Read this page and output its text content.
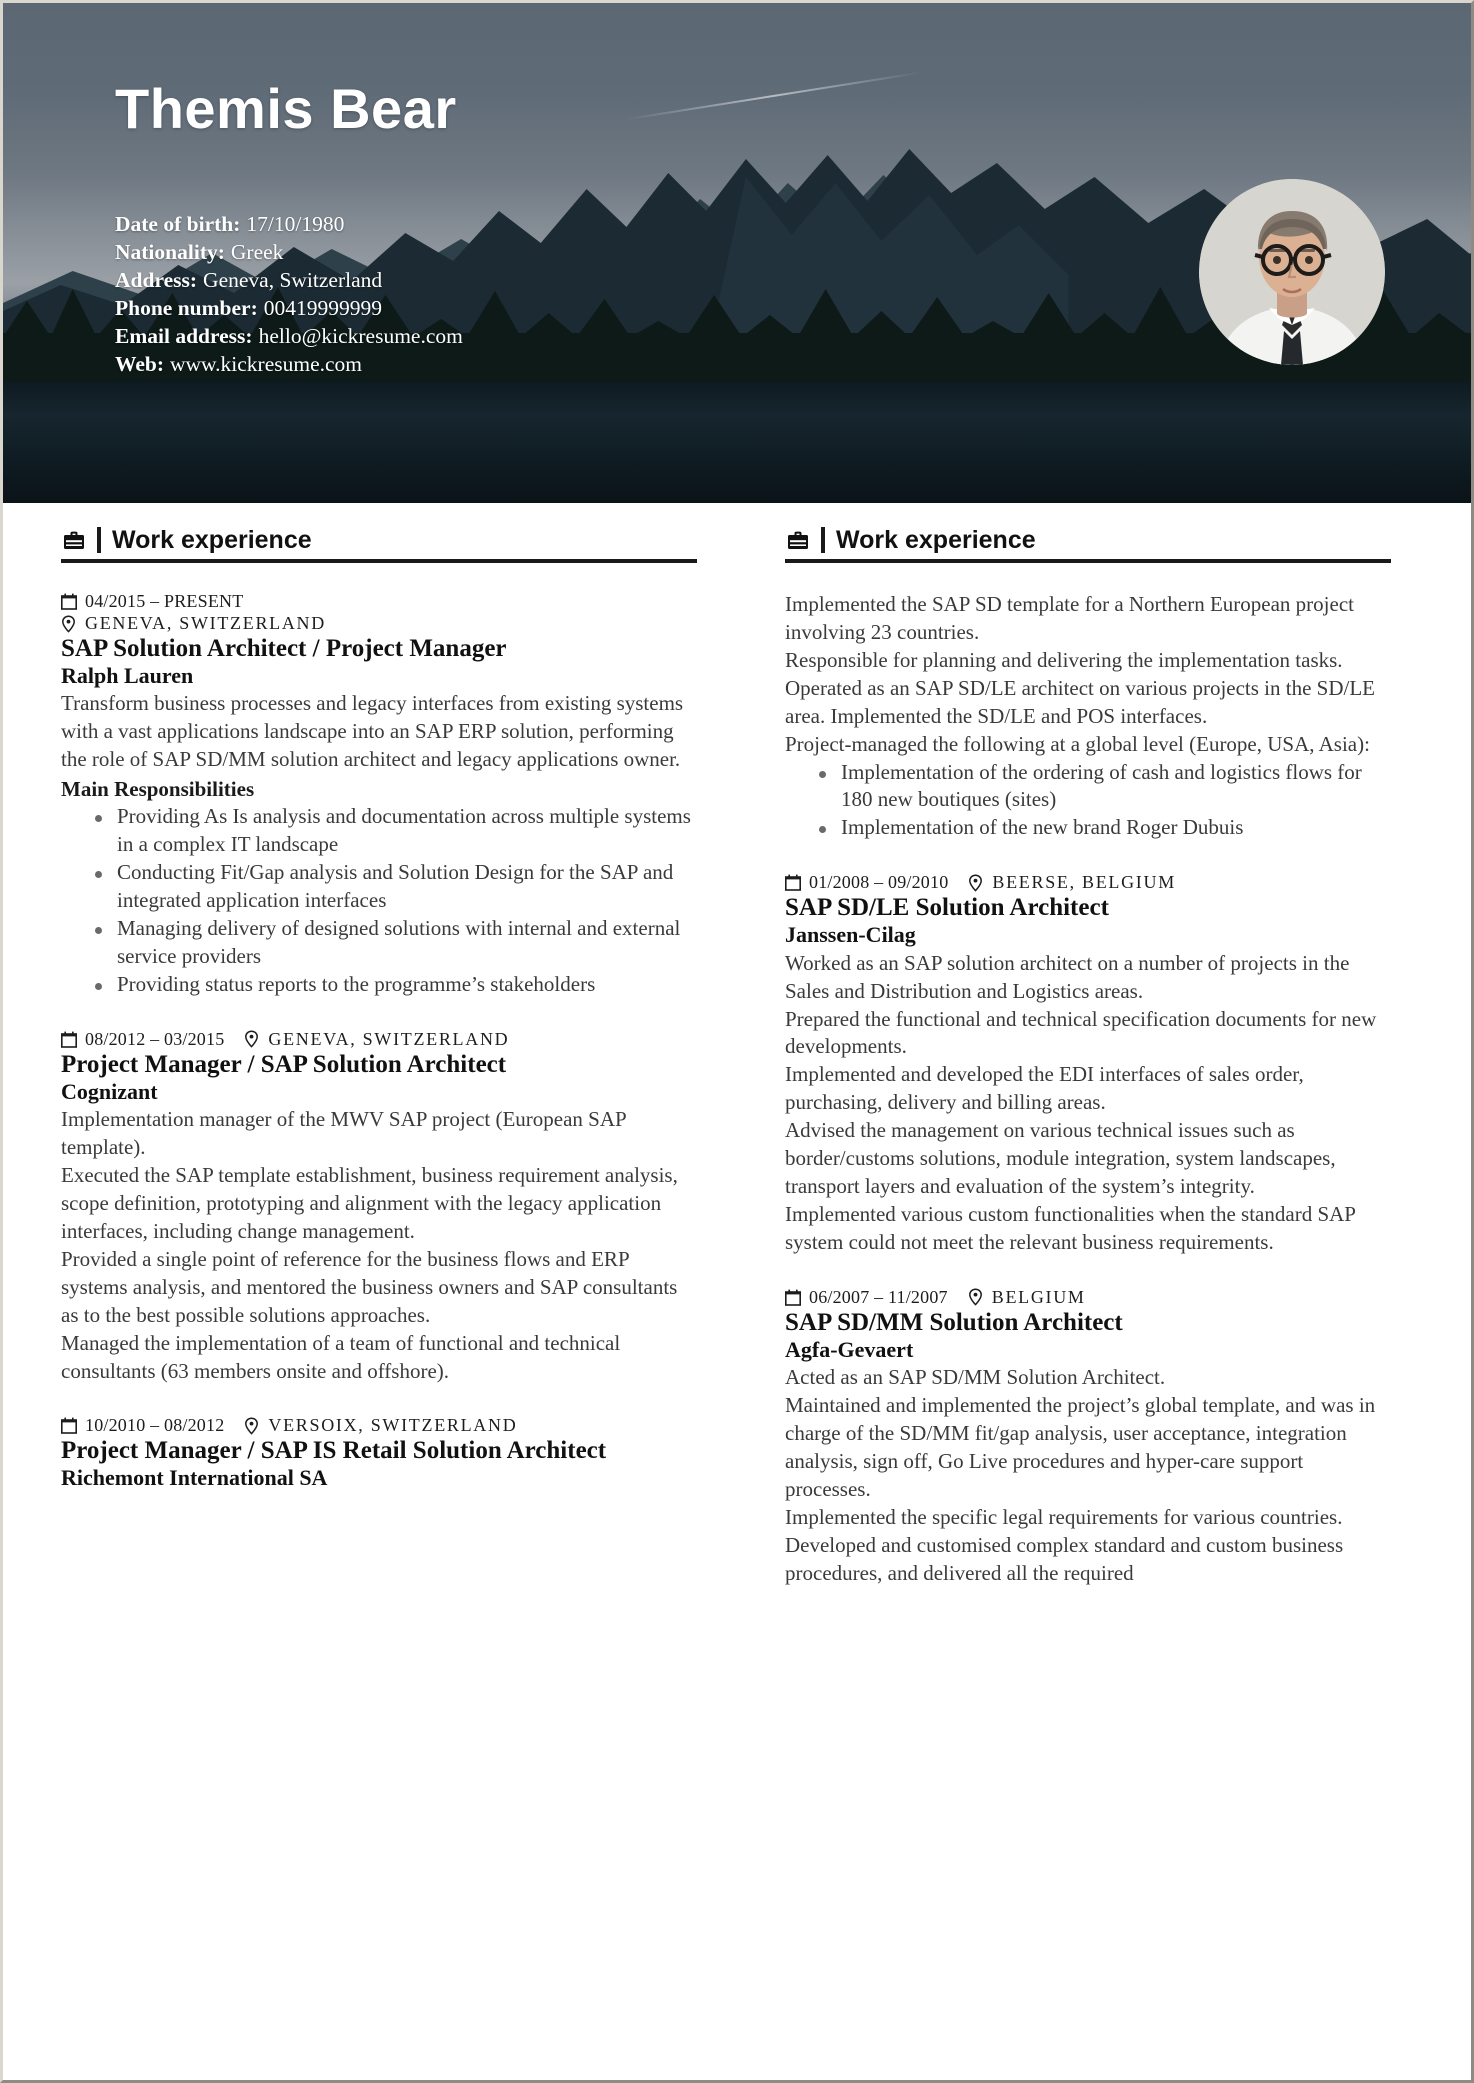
Themis Bear
Date of birth: 17/10/1980
Nationality: Greek
Address: Geneva, Switzerland
Phone number: 00419999999
Email address: hello@kickresume.com
Web: www.kickresume.com
Work experience
04/2015 – PRESENT
GENEVA, SWITZERLAND
SAP Solution Architect / Project Manager
Ralph Lauren

Transform business processes and legacy interfaces from existing systems with a vast applications landscape into an SAP ERP solution, performing the role of SAP SD/MM solution architect and legacy applications owner.

Main Responsibilities
Providing As Is analysis and documentation across multiple systems in a complex IT landscape
Conducting Fit/Gap analysis and Solution Design for the SAP and integrated application interfaces
Managing delivery of designed solutions with internal and external service providers
Providing status reports to the programme’s stakeholders
08/2012 – 03/2015 GENEVA, SWITZERLAND
Project Manager / SAP Solution Architect
Cognizant

Implementation manager of the MWV SAP project (European SAP template).
Executed the SAP template establishment, business requirement analysis, scope definition, prototyping and alignment with the legacy application interfaces, including change management.
Provided a single point of reference for the business flows and ERP systems analysis, and mentored the business owners and SAP consultants as to the best possible solutions approaches.
Managed the implementation of a team of functional and technical consultants (63 members onsite and offshore).

10/2010 – 08/2012 VERSOIX, SWITZERLAND
Project Manager / SAP IS Retail Solution Architect
Richemont International SA
Work experience

Implemented the SAP SD template for a Northern European project involving 23 countries.
Responsible for planning and delivering the implementation tasks.
Operated as an SAP SD/LE architect on various projects in the SD/LE area. Implemented the SD/LE and POS interfaces.
Project-managed the following at a global level (Europe, USA, Asia):

Implementation of the ordering of cash and logistics flows for 180 new boutiques (sites)
Implementation of the new brand Roger Dubuis
01/2008 – 09/2010 BEERSE, BELGIUM
SAP SD/LE Solution Architect
Janssen-Cilag

Worked as an SAP solution architect on a number of projects in the Sales and Distribution and Logistics areas.
Prepared the functional and technical specification documents for new developments.
Implemented and developed the EDI interfaces of sales order, purchasing, delivery and billing areas.
Advised the management on various technical issues such as border/customs solutions, module integration, system landscapes, transport layers and evaluation of the system’s integrity.
Implemented various custom functionalities when the standard SAP system could not meet the relevant business requirements.

06/2007 – 11/2007 BELGIUM
SAP SD/MM Solution Architect
Agfa-Gevaert

Acted as an SAP SD/MM Solution Architect.
Maintained and implemented the project’s global template, and was in charge of the SD/MM fit/gap analysis, user acceptance, integration analysis, sign off, Go Live procedures and hyper-care support processes.
Implemented the specific legal requirements for various countries. Developed and customised complex standard and custom business procedures, and delivered all the required
